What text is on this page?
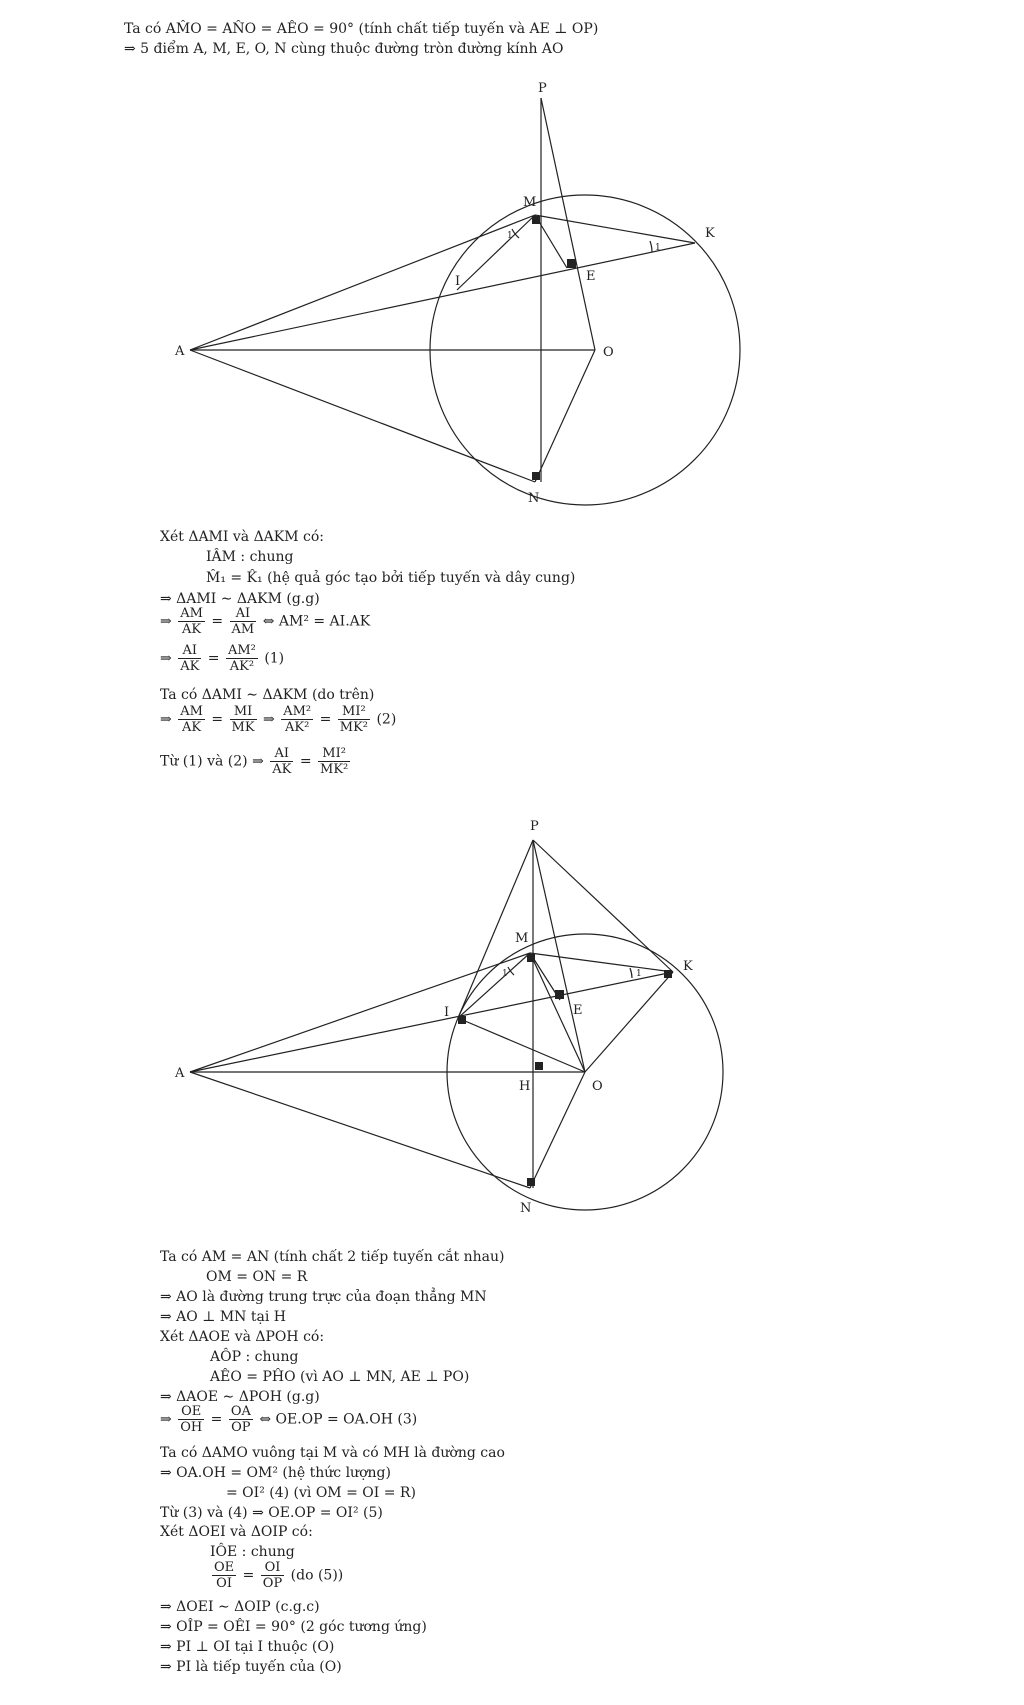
Ta có AM̂O = AN̂O = AÊO = 90° (tính chất tiếp tuyến và AE ⊥ OP)
⇒ 5 điểm A, M, E, O, N cùng thuộc đường tròn đường kính AO
P
M
K
I	E
A	O
N
1
1
Xét ΔAMI và ΔAKM có:
IÂM : chung
M̂₁ = K̂₁ (hệ quả góc tạo bởi tiếp tuyến và dây cung)
⇒ ΔAMI ∼ ΔAKM (g.g)
⇒ $\frac{AM}{AK} = \frac{AI}{AM}$ ⇔ AM² = AI.AK
⇒ $\frac{AI}{AK} = \frac{\text{AM²}}{\text{AK²}} (1)$
Ta có ΔAMI ∼ ΔAKM (do trên)
⇒ $\frac{AM}{AK} = \frac{MI}{MK}$ ⇒ $\frac{\text{AM²}}{\text{AK²}} = \frac{\text{MI²}}{\text{MK²}} (2)$
Từ (1) và (2) ⇒ $\frac{AI}{AK} = \frac{\text{MI²}}{\text{MK²}}$
P
M
K
I	E
A
H	O
N
1	1
Ta có AM = AN (tính chất 2 tiếp tuyến cắt nhau)
OM = ON = R
⇒ AO là đường trung trực của đoạn thẳng MN
⇒ AO ⊥ MN tại H
Xét ΔAOE và ΔPOH có:
AÔP : chung
AÊO = PĤO (vì AO ⊥ MN, AE ⊥ PO)
⇒ ΔAOE ∼ ΔPOH (g.g)
⇒ $\frac{OE}{OH} = \frac{OA}{OP}$ ⇔ OE.OP = OA.OH (3)
Ta có ΔAMO vuông tại M và có MH là đường cao
⇒ OA.OH = OM² (hệ thức lượng)
= OI² (4) (vì OM = OI = R)
Từ (3) và (4) ⇒ OE.OP = OI² (5)
Xét ΔOEI và ΔOIP có:
IÔE : chung
$\frac{OE}{OI} = \frac{OI}{OP} (do$ (5))
⇒ ΔOEI ∼ ΔOIP (c.g.c)
⇒ OÎP = OÊI = 90° (2 góc tương ứng)
⇒ PI ⊥ OI tại I thuộc (O)
⇒ PI là tiếp tuyến của (O)
